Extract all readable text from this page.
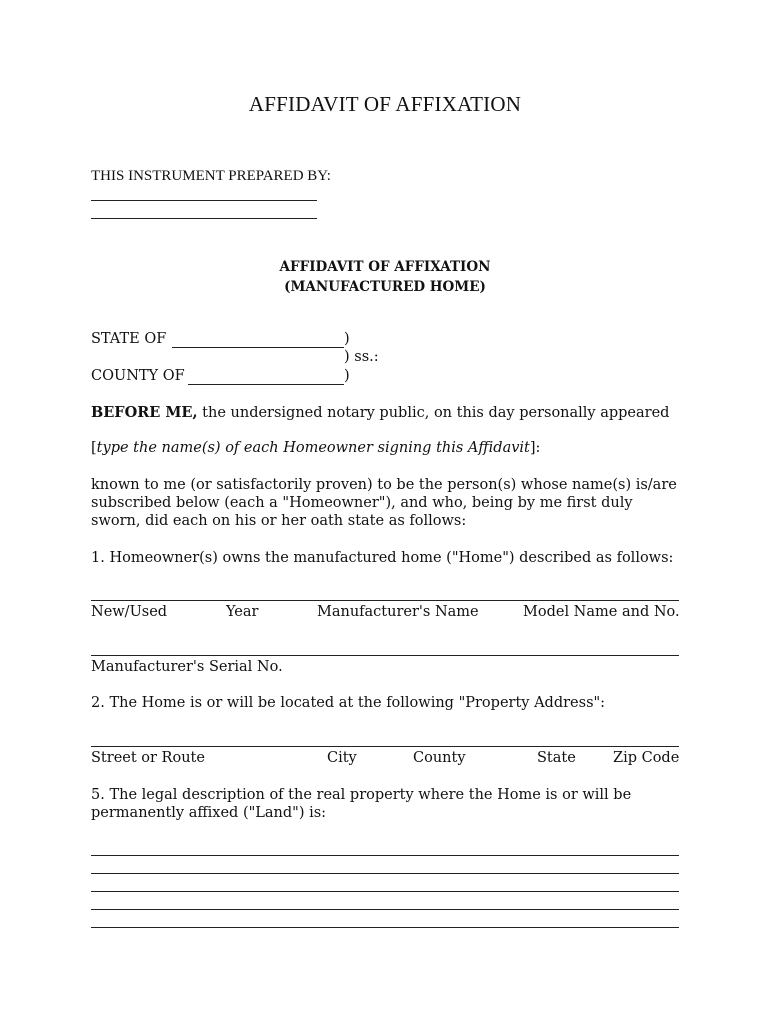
AFFIDAVIT OF AFFIXATION
THIS INSTRUMENT PREPARED BY:
AFFIDAVIT OF AFFIXATION
(MANUFACTURED HOME)
STATE OF	)
) ss.:
COUNTY OF	)
BEFORE ME, the undersigned notary public, on this day personally appeared
[type the name(s) of each Homeowner signing this Affidavit]:
known to me (or satisfactorily proven) to be the person(s) whose name(s) is/are
subscribed below (each a "Homeowner"), and who, being by me first duly
sworn, did each on his or her oath state as follows:
1. Homeowner(s) owns the manufactured home ("Home") described as follows:
New/Used	Year	Manufacturer's Name	Model Name and No.
Manufacturer's Serial No.
2. The Home is or will be located at the following "Property Address":
Street or Route	City	County	State	Zip Code
5. The legal description of the real property where the Home is or will be
permanently affixed ("Land") is:
